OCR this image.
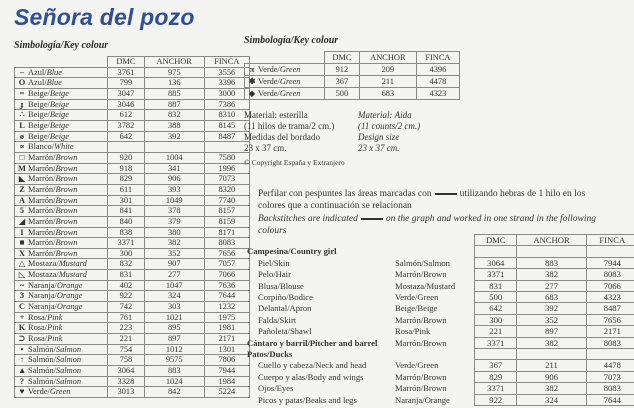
Señora del pozo
Simbología/Key colour
	DMC	ANCHOR	FINCA
– Azul/Blue	3761	975	3556
O Azul/Blue	799	136	3396
= Beige/Beige	3047	885	3000
ɟ Beige/Beige	3046	887	7386
∴ Beige/Beige	612	832	8310
L Beige/Beige	3782	388	8145
ø Beige/Beige	642	392	8487
∝ Blanco/White			
□ Marrón/Brown	920	1004	7580
M Marrón/Brown	918	341	1996
◣ Marrón/Brown	829	906	7073
Z Marrón/Brown	611	393	8320
A Marrón/Brown	301	1049	7740
5 Marrón/Brown	841	378	8157
◢ Marrón/Brown	840	379	8159
I Marrón/Brown	838	380	8171
■ Marrón/Brown	3371	382	8083
X Marrón/Brown	300	352	7656
△ Mostaza/Mustard	832	907	7057
◺ Mostaza/Mustard	831	277	7066
~ Naranja/Orange	402	1047	7636
3 Naranja/Orange	922	324	7644
C Naranja/Orange	742	303	1232
+ Rosa/Pink	761	1021	1975
K Rosa/Pink	223	895	1981
⊃ Rosa/Pink	221	897	2171
• Salmón/Salmon	754	1012	1301
↑ Salmón/Salmon	758	9575	7806
▲ Salmón/Salmon	3064	883	7944
? Salmón/Salmon	3328	1024	1984
♥ Verde/Green	3013	842	5224
Simbología/Key colour
	DMC	ANCHOR	FINCA
π Verde/Green	912	209	4396
✱ Verde/Green	367	211	4478
◆ Verde/Green	500	683	4323
Material: esterilla
(11 hilos de trama/2 cm.)
Medidas del bordado
23 x 37 cm.
Material: Aida
(11 counts/2 cm.)
Design size
23 x 37 cm.
© Copyright España y Extranjero
Perfilar con pespuntes las áreas marcadas con	utilizando hebras de 1 hilo en los
colores que a continuación se relacionan
Backstitches are indicated	on the graph and worked in one strand in the following
colours
		DMC	ANCHOR	FINCA
Campesina/Country girl				
Piel/Skin	Salmón/Salmon	3064	883	7944
Pelo/Hair	Marrón/Brown	3371	382	8083
Blusa/Blouse	Mostaza/Mustard	831	277	7066
Corpiño/Bodice	Verde/Green	500	683	4323
Delantal/Apron	Beige/Beige	642	392	8487
Falda/Skirt	Marrón/Brown	300	352	7656
Pañoleta/Shawl	Rosa/Pink	221	897	2171
Cántaro y barril/Pitcher and barrel	Marrón/Brown	3371	382	8083
Patos/Ducks				
Cuello y cabeza/Neck and head	Verde/Green	367	211	4478
Cuerpo y alas/Body and wings	Marrón/Brown	829	906	7073
Ojos/Eyes	Marrón/Brown	3371	382	8083
Picos y patas/Beaks and legs	Naranja/Orange	922	324	7644
